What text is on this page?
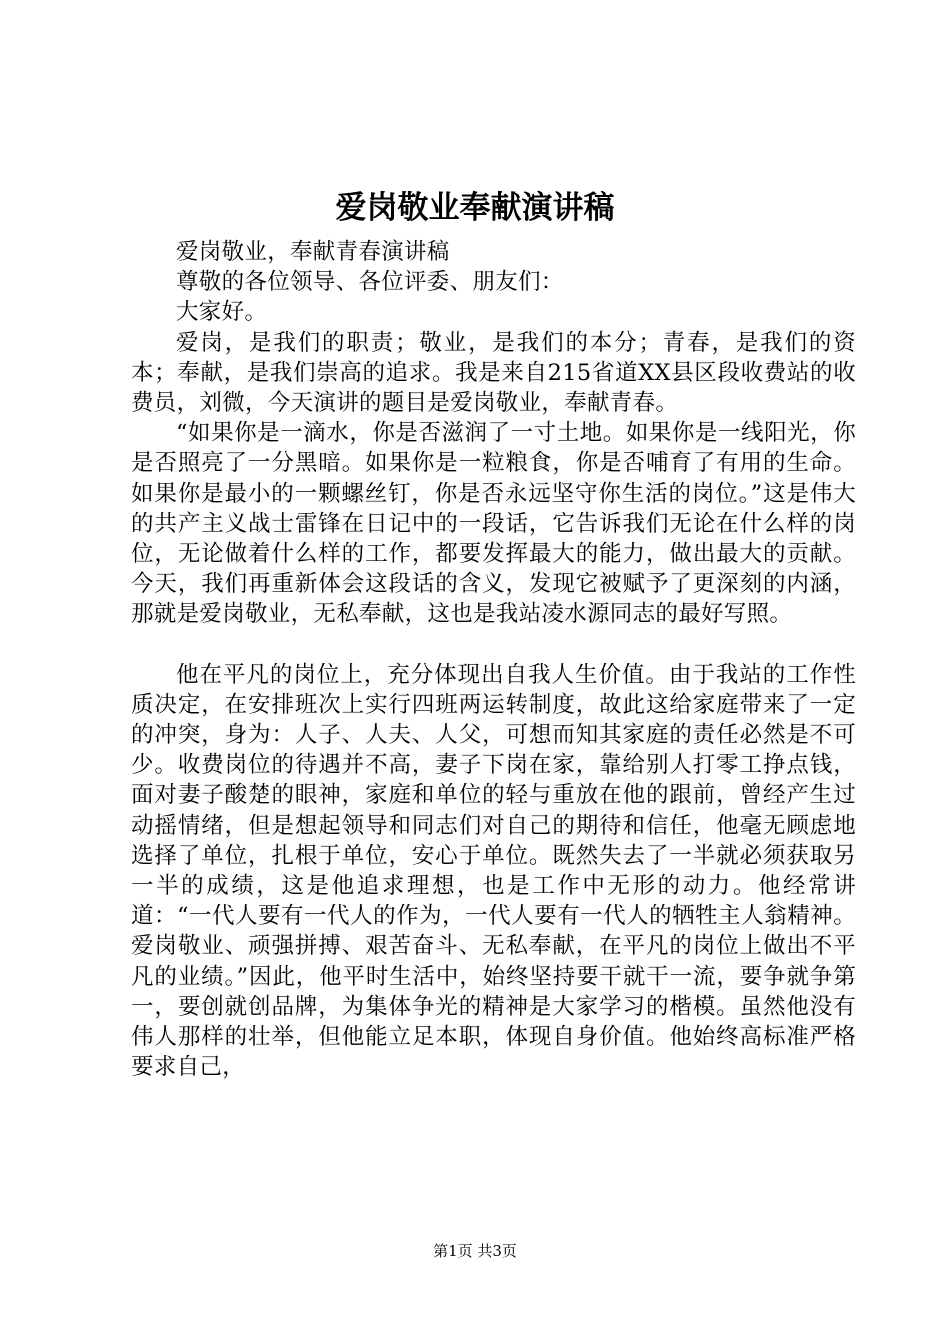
爱岗敬业奉献演讲稿

爱岗敬业，奉献青春演讲稿

尊敬的各位领导、各位评委、朋友们：

大家好。

爱岗，是我们的职责；敬业，是我们的本分；青春，是我们的资本；奉献，是我们崇高的追求。我是来自215省道XX县区段收费站的收费员，刘微，今天演讲的题目是爱岗敬业，奉献青春。

“如果你是一滴水，你是否滋润了一寸土地。如果你是一线阳光，你是否照亮了一分黑暗。如果你是一粒粮食，你是否哺育了有用的生命。如果你是最小的一颗螺丝钉，你是否永远坚守你生活的岗位。”这是伟大的共产主义战士雷锋在日记中的一段话，它告诉我们无论在什么样的岗位，无论做着什么样的工作，都要发挥最大的能力，做出最大的贡献。今天，我们再重新体会这段话的含义，发现它被赋予了更深刻的内涵，那就是爱岗敬业，无私奉献，这也是我站凌水源同志的最好写照。

他在平凡的岗位上，充分体现出自我人生价值。由于我站的工作性质决定，在安排班次上实行四班两运转制度，故此这给家庭带来了一定的冲突，身为：人子、人夫、人父，可想而知其家庭的责任必然是不可少。收费岗位的待遇并不高，妻子下岗在家，靠给别人打零工挣点钱，面对妻子酸楚的眼神，家庭和单位的轻与重放在他的跟前，曾经产生过动摇情绪，但是想起领导和同志们对自己的期待和信任，他毫无顾虑地选择了单位，扎根于单位，安心于单位。既然失去了一半就必须获取另一半的成绩，这是他追求理想，也是工作中无形的动力。他经常讲道：“一代人要有一代人的作为，一代人要有一代人的牺牲主人翁精神。爱岗敬业、顽强拼搏、艰苦奋斗、无私奉献，在平凡的岗位上做出不平凡的业绩。”因此，他平时生活中，始终坚持要干就干一流，要争就争第一，要创就创品牌，为集体争光的精神是大家学习的楷模。虽然他没有伟人那样的壮举，但他能立足本职，体现自身价值。他始终高标准严格要求自己，

第1页 共3页
